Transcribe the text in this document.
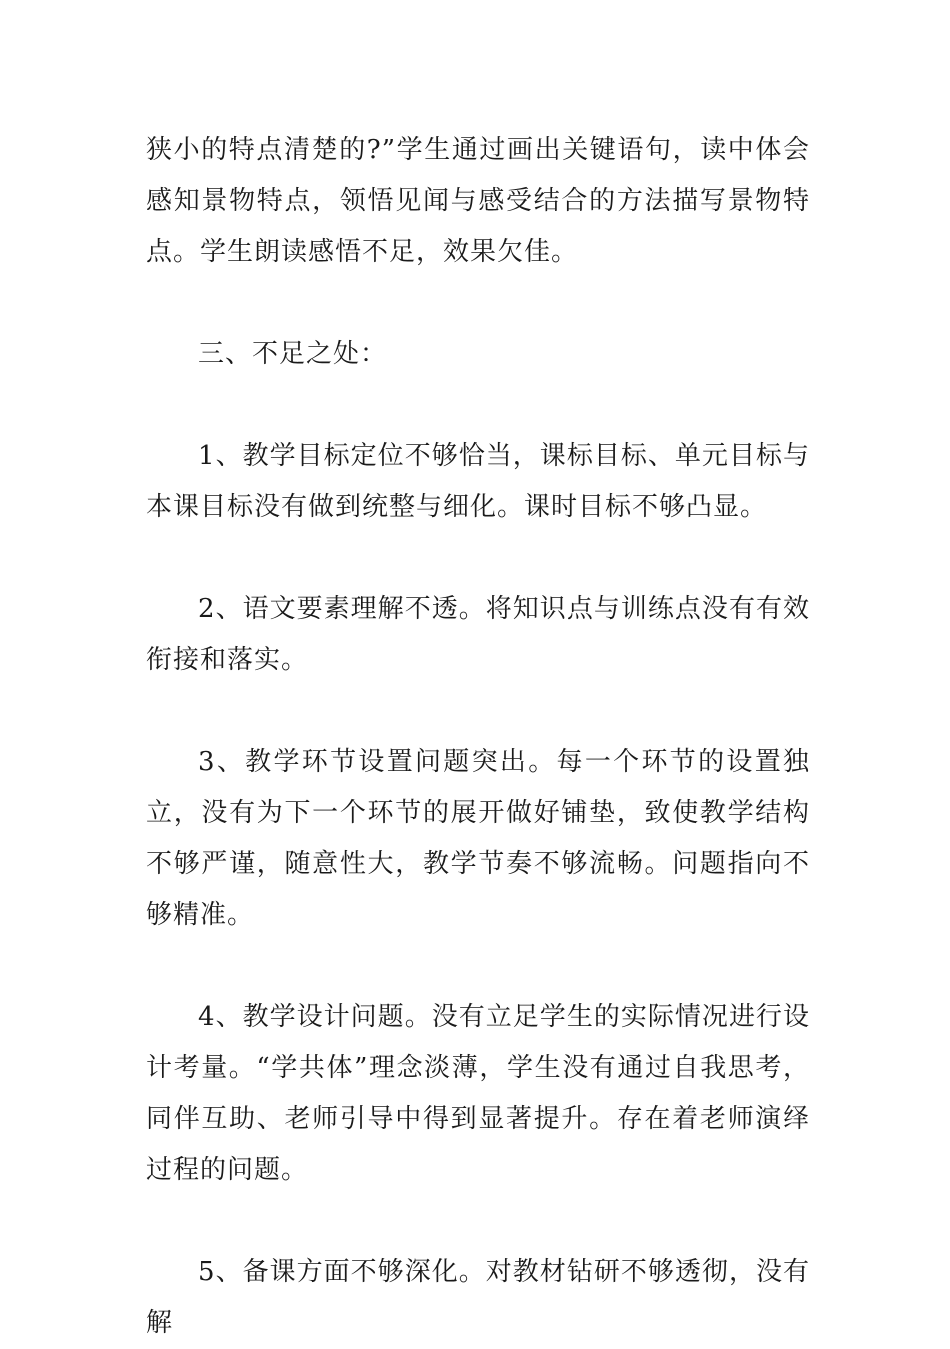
狭小的特点清楚的?”学生通过画出关键语句，读中体会感知景物特点，领悟见闻与感受结合的方法描写景物特点。学生朗读感悟不足，效果欠佳。

三、不足之处：

1、教学目标定位不够恰当，课标目标、单元目标与本课目标没有做到统整与细化。课时目标不够凸显。

2、语文要素理解不透。将知识点与训练点没有有效衔接和落实。

3、教学环节设置问题突出。每一个环节的设置独立，没有为下一个环节的展开做好铺垫，致使教学结构不够严谨，随意性大，教学节奏不够流畅。问题指向不够精准。

4、教学设计问题。没有立足学生的实际情况进行设计考量。“学共体”理念淡薄，学生没有通过自我思考，同伴互助、老师引导中得到显著提升。存在着老师演绎过程的问题。

5、备课方面不够深化。对教材钻研不够透彻，没有解
